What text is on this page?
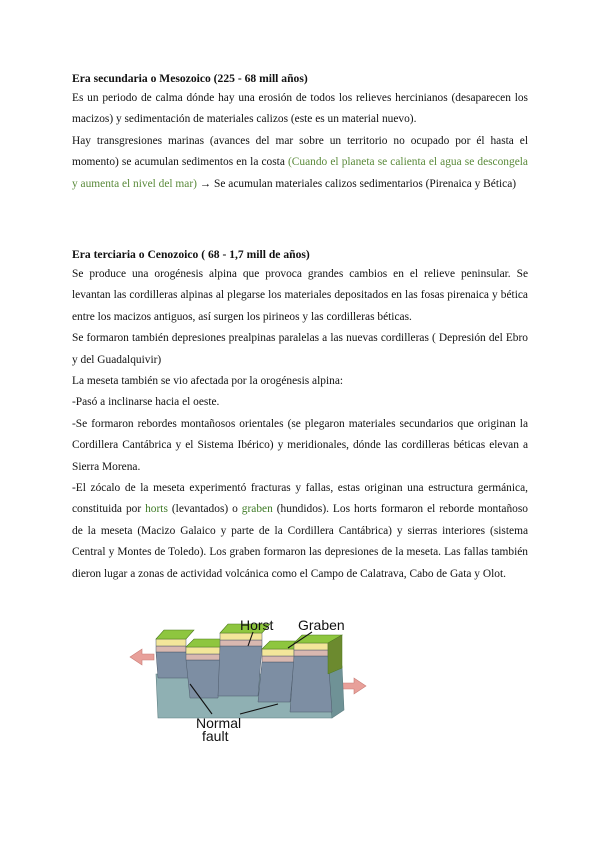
Era secundaria o Mesozoico (225 - 68 mill años)

Es un periodo de calma dónde hay una erosión de todos los relieves hercinianos (desaparecen los macizos) y sedimentación de materiales calizos (este es un material nuevo).

Hay transgresiones marinas (avances del mar sobre un territorio no ocupado por él hasta el momento) se acumulan sedimentos en la costa (Cuando el planeta se calienta el agua se descongela y aumenta el nivel del mar) → Se acumulan materiales calizos sedimentarios (Pirenaica y Bética)

Era terciaria o Cenozoico ( 68 - 1,7 mill de años)

Se produce una orogénesis alpina que provoca grandes cambios en el relieve peninsular. Se levantan las cordilleras alpinas al plegarse los materiales depositados en las fosas pirenaica y bética entre los macizos antiguos, así surgen los pirineos y las cordilleras béticas.

Se formaron también depresiones prealpinas paralelas a las nuevas cordilleras ( Depresión del Ebro y del Guadalquivir)

La meseta también se vio afectada por la orogénesis alpina:

-Pasó a inclinarse hacia el oeste.

-Se formaron rebordes montañosos orientales (se plegaron materiales secundarios que originan la Cordillera Cantábrica y el Sistema Ibérico) y meridionales, dónde las cordilleras béticas elevan a Sierra Morena.

-El zócalo de la meseta experimentó fracturas y fallas, estas originan una estructura germánica, constituida por horts (levantados) o graben (hundidos). Los horts formaron el reborde montañoso de la meseta (Macizo Galaico y parte de la Cordillera Cantábrica) y sierras interiores (sistema Central y Montes de Toledo). Los graben formaron las depresiones de la meseta. Las fallas también dieron lugar a zonas de actividad volcánica como el Campo de Calatrava, Cabo de Gata y Olot.

Horst Graben
Normal
fault
